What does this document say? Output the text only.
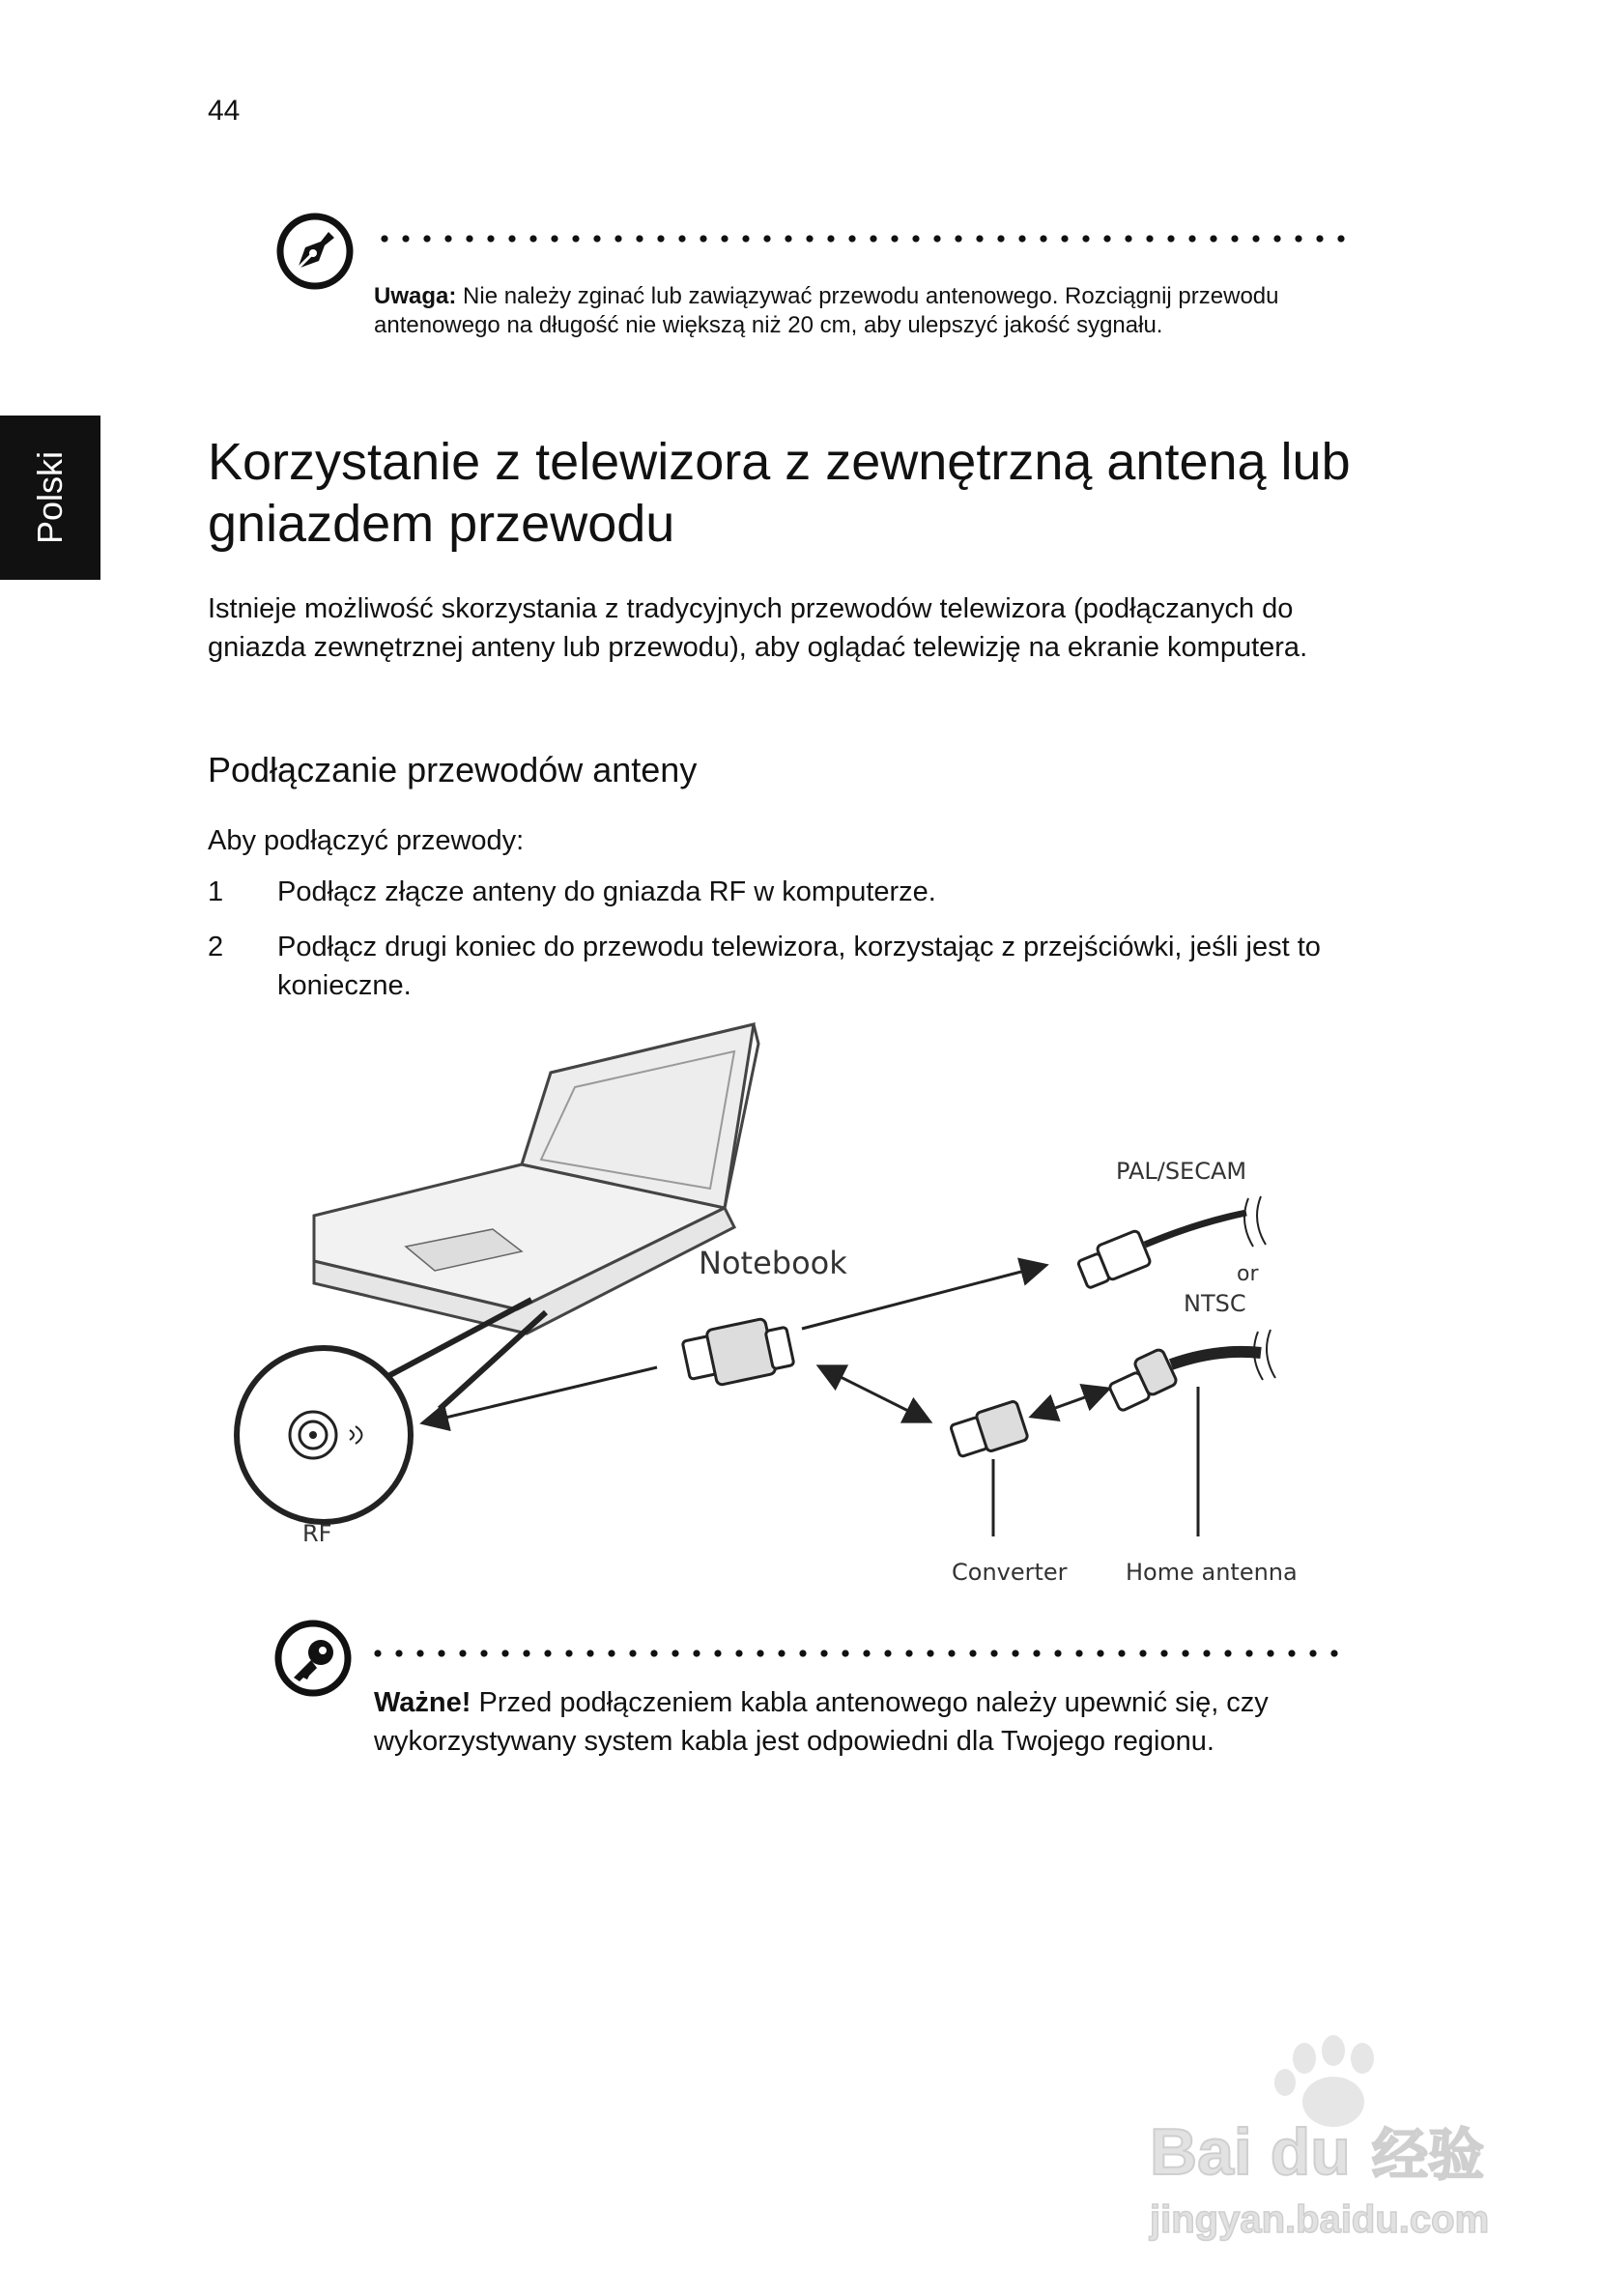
44
Polski
Uwaga: Nie należy zginać lub zawiązywać przewodu antenowego. Rozciągnij przewodu antenowego na długość nie większą niż 20 cm, aby ulepszyć jakość sygnału.
Korzystanie z telewizora z zewnętrzną anteną lub gniazdem przewodu
Istnieje możliwość skorzystania z tradycyjnych przewodów telewizora (podłączanych do gniazda zewnętrznej anteny lub przewodu), aby oglądać telewizję na ekranie komputera.
Podłączanie przewodów anteny
Aby podłączyć przewody:
1 Podłącz złącze anteny do gniazda RF w komputerze.
2 Podłącz drugi koniec do przewodu telewizora, korzystając z przejściówki, jeśli jest to konieczne.
Notebook
PAL/SECAM
or
NTSC
RF
Converter	Home antenna
Ważne! Przed podłączeniem kabla antenowego należy upewnić się, czy wykorzystywany system kabla jest odpowiedni dla Twojego regionu.
Bai du 经验
jingyan.baidu.com
